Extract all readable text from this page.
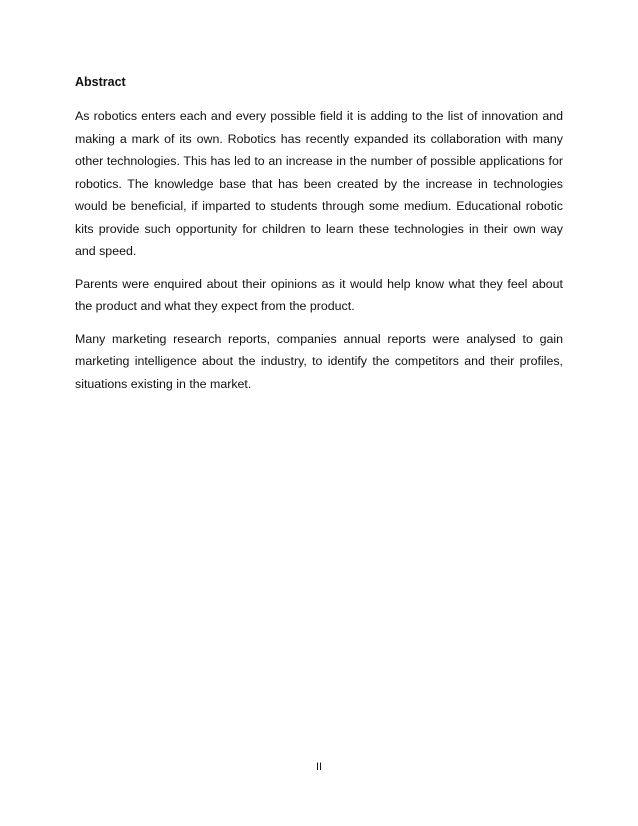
Abstract

As robotics enters each and every possible field it is adding to the list of innovation and making a mark of its own. Robotics has recently expanded its collaboration with many other technologies. This has led to an increase in the number of possible applications for robotics. The knowledge base that has been created by the increase in technologies would be beneficial, if imparted to students through some medium. Educational robotic kits provide such opportunity for children to learn these technologies in their own way and speed.

Parents were enquired about their opinions as it would help know what they feel about the product and what they expect from the product.

Many marketing research reports, companies annual reports were analysed to gain marketing intelligence about the industry, to identify the competitors and their profiles, situations existing in the market.

II
